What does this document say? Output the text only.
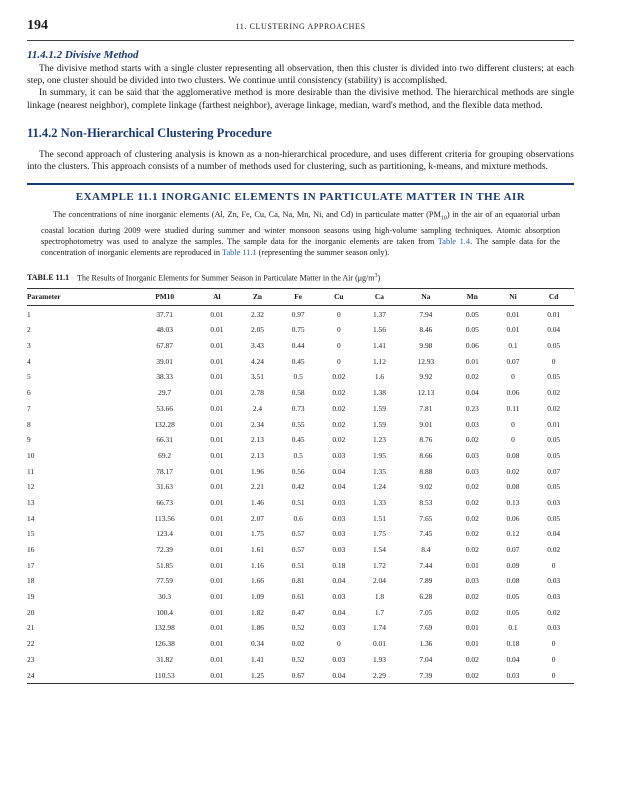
194	11. CLUSTERING APPROACHES
11.4.1.2 Divisive Method

The divisive method starts with a single cluster representing all observation, then this cluster is divided into two different clusters; at each step, one cluster should be divided into two clusters. We continue until consistency (stability) is accomplished.

In summary, it can be said that the agglomerative method is more desirable than the divisive method. The hierarchical methods are single linkage (nearest neighbor), complete linkage (farthest neighbor), average linkage, median, ward's method, and the flexible data method.

11.4.2 Non-Hierarchical Clustering Procedure

The second approach of clustering analysis is known as a non-hierarchical procedure, and uses different criteria for grouping observations into the clusters. This approach consists of a number of methods used for clustering, such as partitioning, k-means, and mixture methods.

EXAMPLE 11.1 INORGANIC ELEMENTS IN PARTICULATE MATTER IN THE AIR

The concentrations of nine inorganic elements (Al, Zn, Fe, Cu, Ca, Na, Mn, Ni, and Cd) in particulate matter $(PM_{10})$ in the air of an equatorial urban coastal location during 2009 were studied during summer and winter monsoon seasons using high-volume sampling techniques. Atomic absorption spectrophotometry was used to analyze the samples. The sample data for the inorganic elements are taken from Table 1.4. The sample data for the concentration of inorganic elements are reproduced in Table 11.1 (representing the summer season only).

TABLE 11.1 The Results of Inorganic Elements for Summer Season in Particulate Matter in the Air $(\mu g/m^3)$
Parameter	PM10	Al	Zn	Fe	Cu	Ca	Na	Mn	Ni	Cd
1	37.71	0.01	2.32	0.97	0	1.37	7.94	0.05	0.01	0.01
2	48.03	0.01	2.05	0.75	0	1.56	8.46	0.05	0.01	0.04
3	67.87	0.01	3.43	0.44	0	1.41	9.98	0.06	0.1	0.05
4	39.01	0.01	4.24	0.45	0	1.12	12.93	0.01	0.07	0
5	38.33	0.01	3.51	0.5	0.02	1.6	9.92	0.02	0	0.05
6	29.7	0.01	2.78	0.58	0.02	1.38	12.13	0.04	0.06	0.02
7	53.66	0.01	2.4	0.73	0.02	1.59	7.81	0.23	0.11	0.02
8	132.28	0.01	2.34	0.55	0.02	1.59	9.01	0.03	0	0.01
9	66.31	0.01	2.13	0.45	0.02	1.23	8.76	0.02	0	0.05
10	69.2	0.01	2.13	0.5	0.03	1.95	8.66	0.03	0.08	0.05
11	78.17	0.01	1.96	0.56	0.04	1.35	8.88	0.03	0.02	0.07
12	31.63	0.01	2.21	0.42	0.04	1.24	9.02	0.02	0.08	0.05
13	66.73	0.01	1.46	0.51	0.03	1.33	8.53	0.02	0.13	0.03
14	113.56	0.01	2.07	0.6	0.03	1.51	7.65	0.02	0.06	0.05
15	123.4	0.01	1.75	0.57	0.03	1.75	7.45	0.02	0.12	0.04
16	72.39	0.01	1.61	0.57	0.03	1.54	8.4	0.02	0.07	0.02
17	51.85	0.01	1.16	0.51	0.18	1.72	7.44	0.01	0.09	0
18	77.59	0.01	1.66	0.81	0.04	2.04	7.89	0.03	0.08	0.03
19	30.3	0.01	1.09	0.61	0.03	1.8	6.28	0.02	0.05	0.03
20	100.4	0.01	1.82	0.47	0.04	1.7	7.05	0.02	0.05	0.02
21	132.98	0.01	1.86	0.52	0.03	1.74	7.69	0.01	0.1	0.03
22	126.38	0.01	0.34	0.02	0	0.01	1.36	0.01	0.18	0
23	31.82	0.01	1.41	0.52	0.03	1.93	7.04	0.02	0.04	0
24	110.53	0.01	1.25	0.67	0.04	2.29	7.39	0.02	0.03	0
